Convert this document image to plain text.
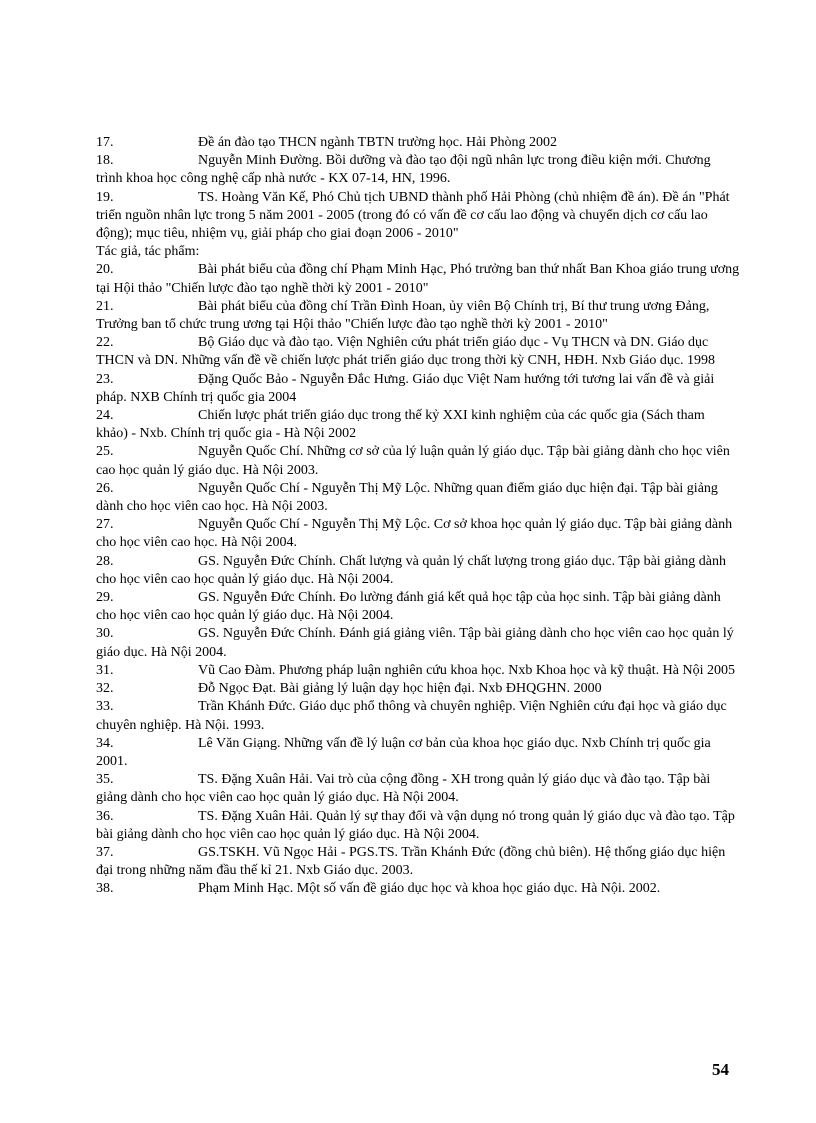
17.	Đề án đào tạo THCN ngành TBTN trường học. Hải Phòng 2002

18.	Nguyễn Minh Đường. Bồi dưỡng và đào tạo đội ngũ nhân lực trong điều kiện mới. Chương trình khoa học công nghệ cấp nhà nước - KX 07-14, HN, 1996.

19.	TS. Hoàng Văn Kế, Phó Chủ tịch UBND thành phố Hải Phòng (chủ nhiệm đề án). Đề án "Phát triển nguồn nhân lực trong 5 năm 2001 - 2005 (trong đó có vấn đề cơ cấu lao động và chuyển dịch cơ cấu lao động); mục tiêu, nhiệm vụ, giải pháp cho giai đoạn 2006 - 2010"

Tác giả, tác phẩm:

20.	Bài phát biểu của đồng chí Phạm Minh Hạc, Phó trưởng ban thứ nhất Ban Khoa giáo trung ương tại Hội thảo "Chiến lược đào tạo nghề thời kỳ 2001 - 2010"

21.	Bài phát biểu của đồng chí Trần Đình Hoan, ủy viên Bộ Chính trị, Bí thư trung ương Đảng, Trưởng ban tổ chức trung ương tại Hội thảo "Chiến lược đào tạo nghề thời kỳ 2001 - 2010"

22.	Bộ Giáo dục và đào tạo. Viện Nghiên cứu phát triển giáo dục - Vụ THCN và DN. Giáo dục THCN và DN. Những vấn đề về chiến lược phát triển giáo dục trong thời kỳ CNH, HĐH. Nxb Giáo dục. 1998

23.	Đặng Quốc Bảo - Nguyễn Đắc Hưng. Giáo dục Việt Nam hướng tới tương lai vấn đề và giải pháp. NXB Chính trị quốc gia 2004

24.	Chiến lược phát triển giáo dục trong thế kỷ XXI kinh nghiệm của các quốc gia (Sách tham khảo) - Nxb. Chính trị quốc gia - Hà Nội 2002

25.	Nguyễn Quốc Chí. Những cơ sở của lý luận quản lý giáo dục. Tập bài giảng dành cho học viên cao học quản lý giáo dục. Hà Nội 2003.

26.	Nguyễn Quốc Chí - Nguyễn Thị Mỹ Lộc. Những quan điểm giáo dục hiện đại. Tập bài giảng dành cho học viên cao học. Hà Nội 2003.

27.	Nguyễn Quốc Chí - Nguyễn Thị Mỹ Lộc. Cơ sở khoa học quản lý giáo dục. Tập bài giảng dành cho học viên cao học. Hà Nội 2004.

28.	GS. Nguyễn Đức Chính. Chất lượng và quản lý chất lượng trong giáo dục. Tập bài giảng dành cho học viên cao học quản lý giáo dục. Hà Nội 2004.

29.	GS. Nguyễn Đức Chính. Đo lường đánh giá kết quả học tập của học sinh. Tập bài giảng dành cho học viên cao học quản lý giáo dục. Hà Nội 2004.

30.	GS. Nguyễn Đức Chính. Đánh giá giảng viên. Tập bài giảng dành cho học viên cao học quản lý giáo dục. Hà Nội 2004.

31.	Vũ Cao Đàm. Phương pháp luận nghiên cứu khoa học. Nxb Khoa học và kỹ thuật. Hà Nội 2005

32.	Đỗ Ngọc Đạt. Bài giảng lý luận dạy học hiện đại. Nxb ĐHQGHN. 2000

33.	Trần Khánh Đức. Giáo dục phổ thông và chuyên nghiệp. Viện Nghiên cứu đại học và giáo dục chuyên nghiệp. Hà Nội. 1993.

34.	Lê Văn Giạng. Những vấn đề lý luận cơ bản của khoa học giáo dục. Nxb Chính trị quốc gia 2001.

35.	TS. Đặng Xuân Hải. Vai trò của cộng đồng - XH trong quản lý giáo dục và đào tạo. Tập bài giảng dành cho học viên cao học quản lý giáo dục. Hà Nội 2004.

36.	TS. Đặng Xuân Hải. Quản lý sự thay đổi và vận dụng nó trong quản lý giáo dục và đào tạo. Tập bài giảng dành cho học viên cao học quản lý giáo dục. Hà Nội 2004.

37.	GS.TSKH. Vũ Ngọc Hải - PGS.TS. Trần Khánh Đức (đồng chủ biên). Hệ thống giáo dục hiện đại trong những năm đầu thế kỉ 21. Nxb Giáo dục. 2003.

38.	Phạm Minh Hạc. Một số vấn đề giáo dục học và khoa học giáo dục. Hà Nội. 2002.

54
